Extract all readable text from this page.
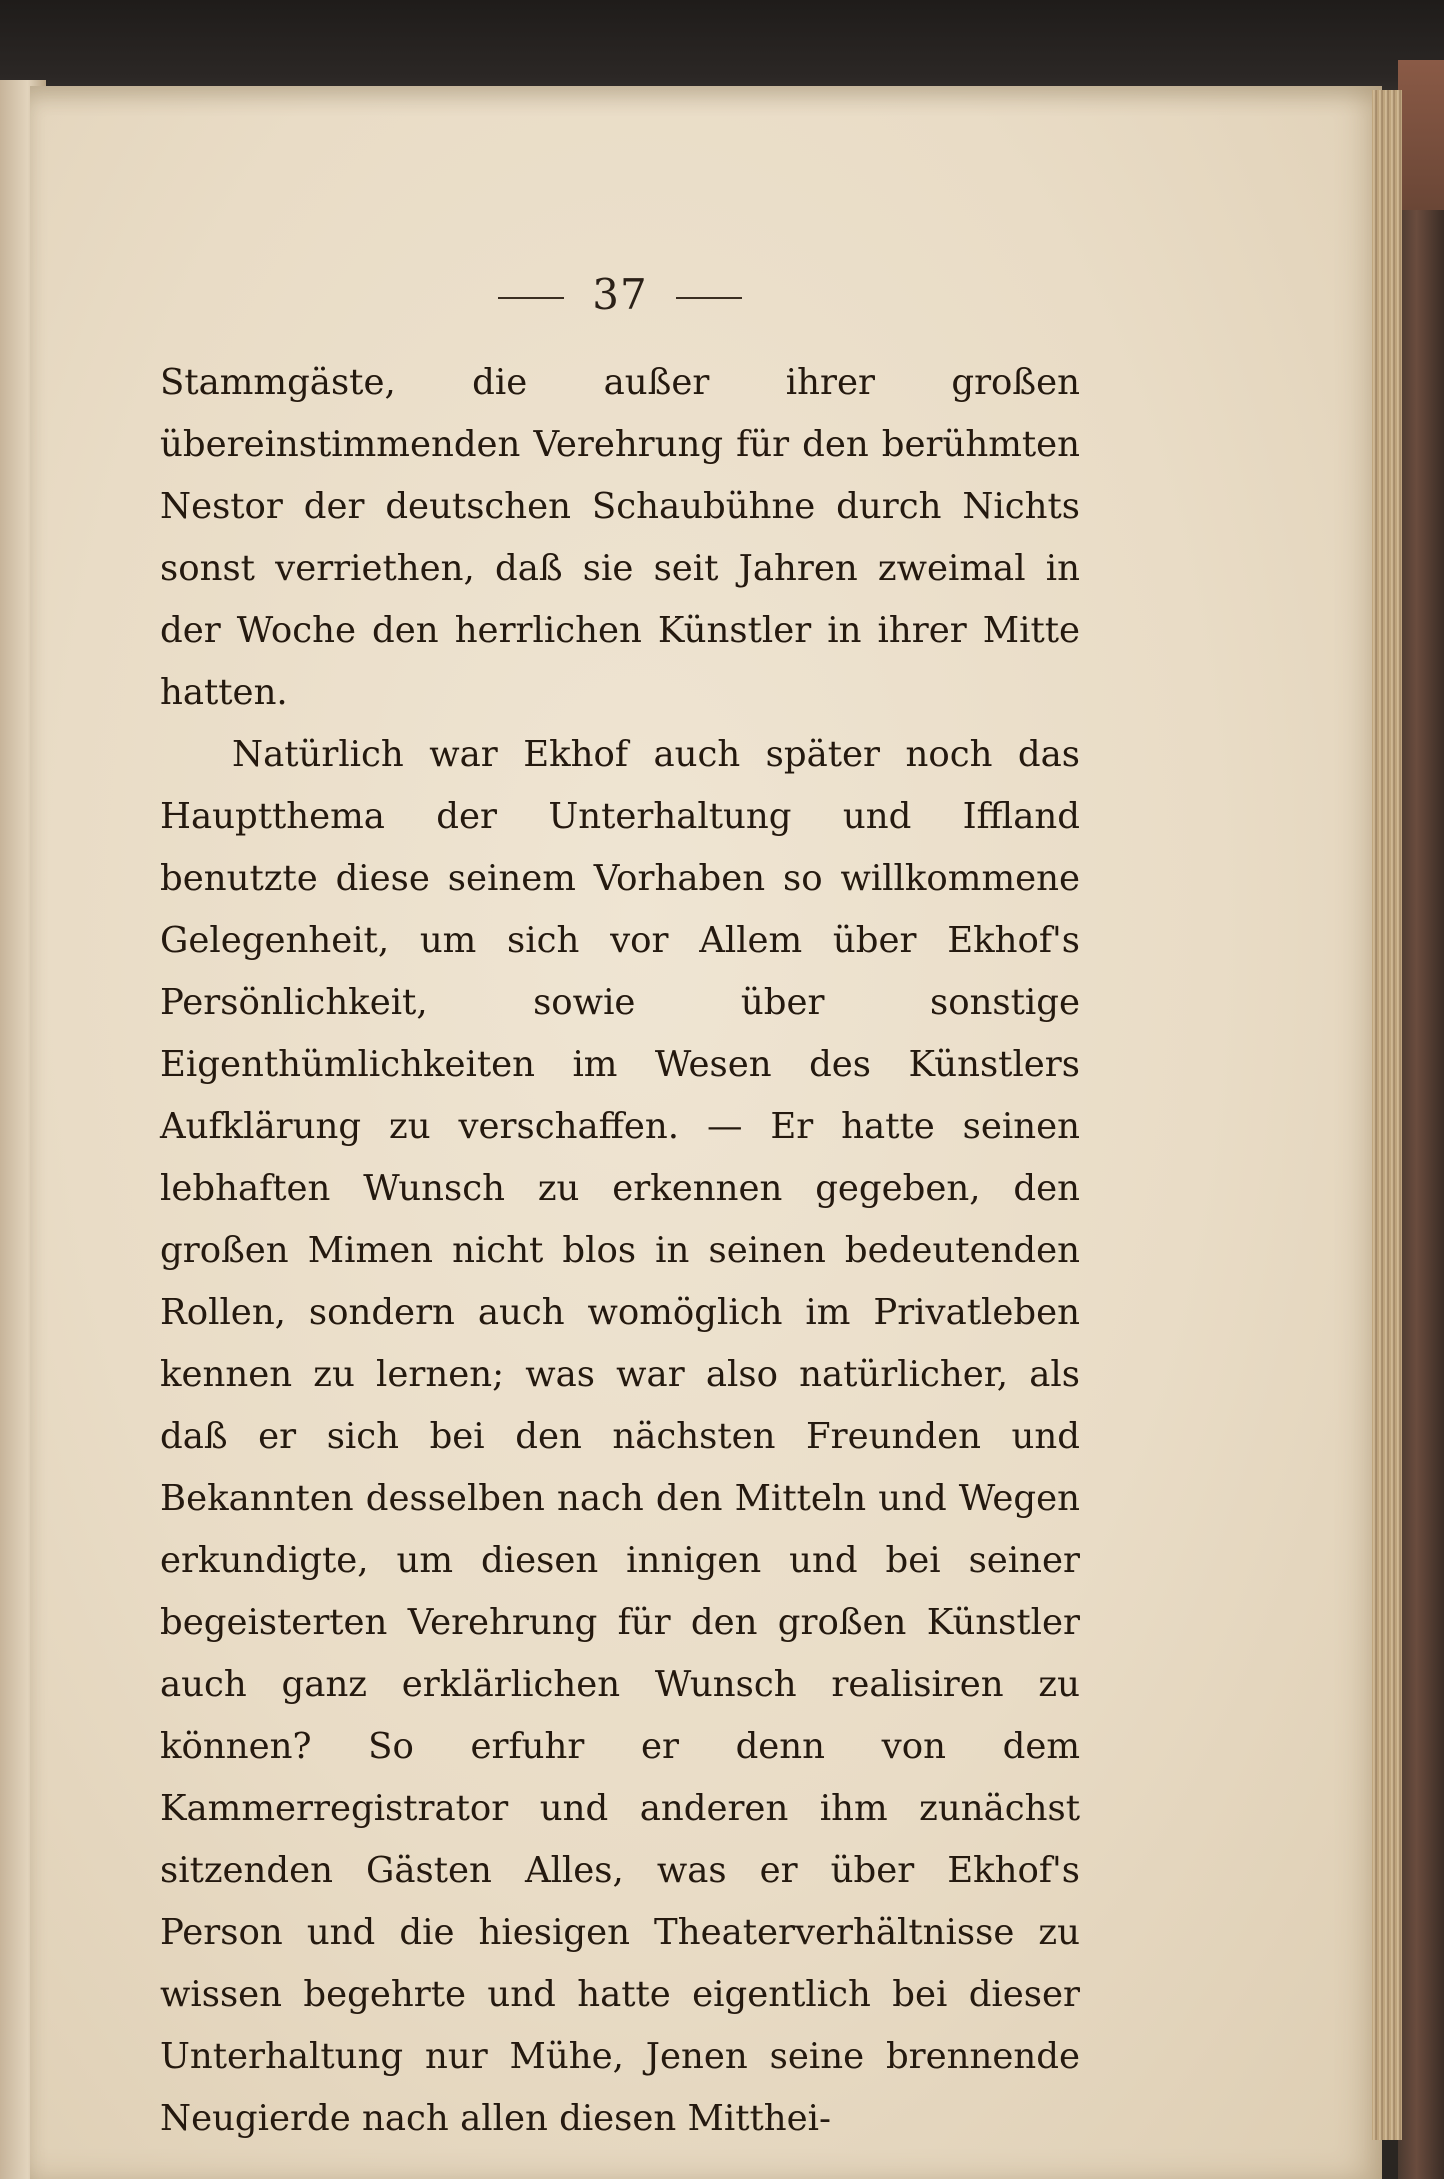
37

Stammgäste, die außer ihrer großen übereinstimmenden Verehrung für den berühmten Nestor der deutschen Schaubühne durch Nichts sonst verriethen, daß sie seit Jahren zweimal in der Woche den herrlichen Künstler in ihrer Mitte hatten.

Natürlich war Ekhof auch später noch das Hauptthema der Unterhaltung und Iffland benutzte diese seinem Vorhaben so willkommene Gelegenheit, um sich vor Allem über Ekhof's Persönlichkeit, sowie über sonstige Eigenthümlichkeiten im Wesen des Künstlers Aufklärung zu verschaffen. — Er hatte seinen lebhaften Wunsch zu erkennen gegeben, den großen Mimen nicht blos in seinen bedeutenden Rollen, sondern auch womöglich im Privatleben kennen zu lernen; was war also natürlicher, als daß er sich bei den nächsten Freunden und Bekannten desselben nach den Mitteln und Wegen erkundigte, um diesen innigen und bei seiner begeisterten Verehrung für den großen Künstler auch ganz erklärlichen Wunsch realisiren zu können? So erfuhr er denn von dem Kammerregistrator und anderen ihm zunächst sitzenden Gästen Alles, was er über Ekhof's Person und die hiesigen Theaterverhältnisse zu wissen begehrte und hatte eigentlich bei dieser Unterhaltung nur Mühe, Jenen seine brennende Neugierde nach allen diesen Mitthei-
